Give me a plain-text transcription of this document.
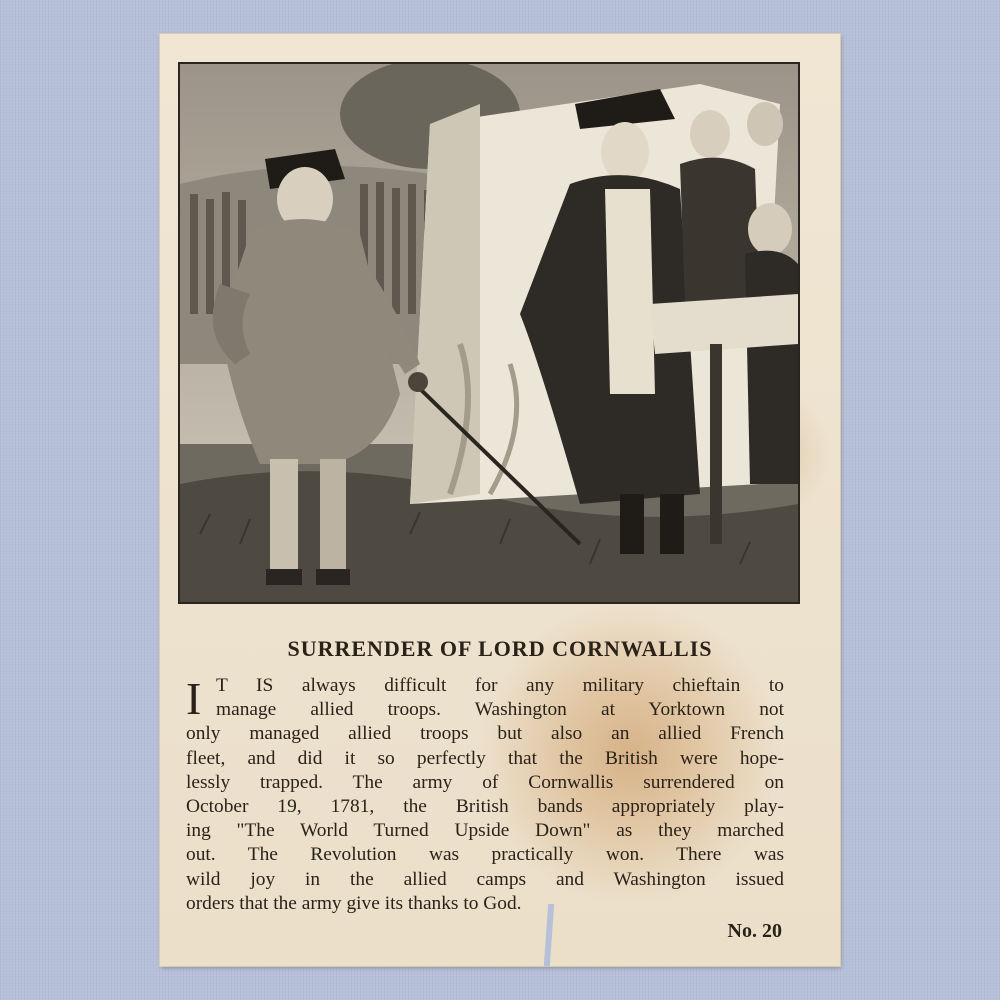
SURRENDER OF LORD CORNWALLIS
I T IS always difficult for any military chieftain to
manage allied troops. Washington at Yorktown not
only managed allied troops but also an allied French
fleet, and did it so perfectly that the British were hope-
lessly trapped. The army of Cornwallis surrendered on
October 19, 1781, the British bands appropriately play-
ing "The World Turned Upside Down" as they marched
out. The Revolution was practically won. There was
wild joy in the allied camps and Washington issued
orders that the army give its thanks to God.
No. 20
